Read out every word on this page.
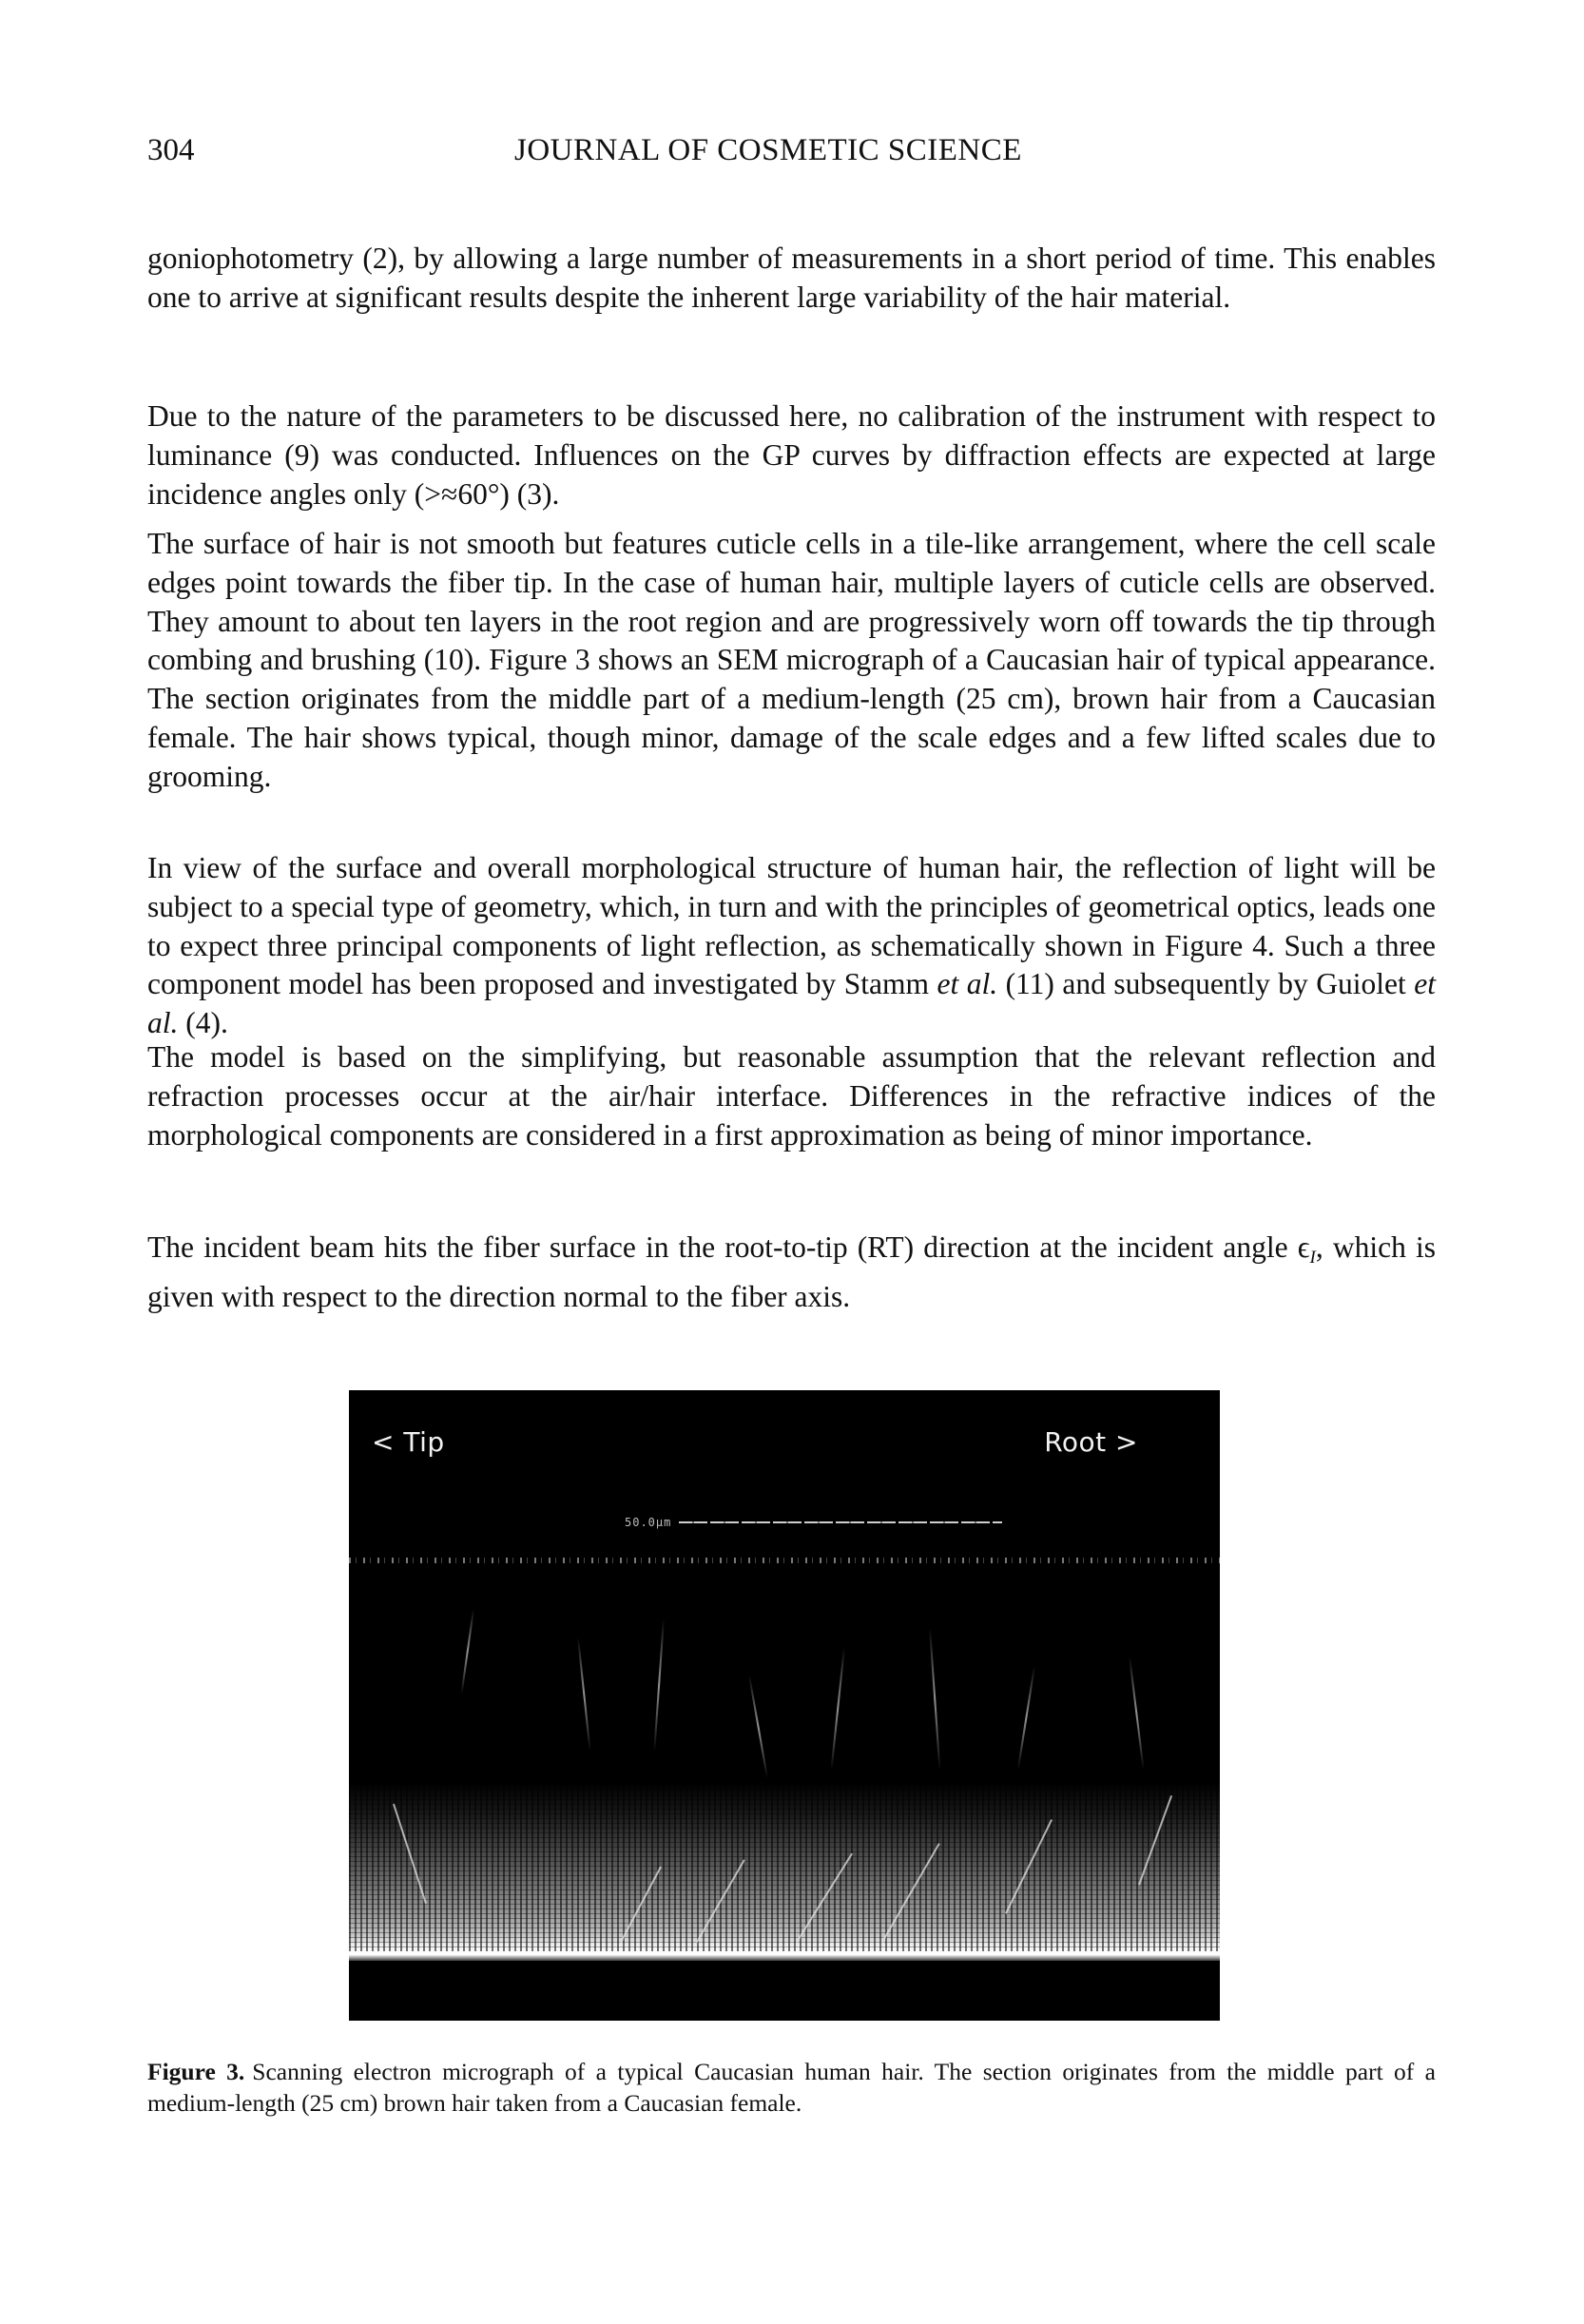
304	JOURNAL OF COSMETIC SCIENCE

goniophotometry (2), by allowing a large number of measurements in a short period of time. This enables one to arrive at significant results despite the inherent large variability of the hair material.

Due to the nature of the parameters to be discussed here, no calibration of the instrument with respect to luminance (9) was conducted. Influences on the GP curves by diffraction effects are expected at large incidence angles only (>≈60°) (3).

The surface of hair is not smooth but features cuticle cells in a tile-like arrangement, where the cell scale edges point towards the fiber tip. In the case of human hair, multiple layers of cuticle cells are observed. They amount to about ten layers in the root region and are progressively worn off towards the tip through combing and brushing (10). Figure 3 shows an SEM micrograph of a Caucasian hair of typical appearance. The section originates from the middle part of a medium-length (25 cm), brown hair from a Caucasian female. The hair shows typical, though minor, damage of the scale edges and a few lifted scales due to grooming.

In view of the surface and overall morphological structure of human hair, the reflection of light will be subject to a special type of geometry, which, in turn and with the principles of geometrical optics, leads one to expect three principal components of light reflection, as schematically shown in Figure 4. Such a three component model has been proposed and investigated by Stamm et al. (11) and subsequently by Guiolet et al. (4).

The model is based on the simplifying, but reasonable assumption that the relevant reflection and refraction processes occur at the air/hair interface. Differences in the refractive indices of the morphological components are considered in a first approximation as being of minor importance.

The incident beam hits the fiber surface in the root-to-tip (RT) direction at the incident angle $\epsilon_I$, which is given with respect to the direction normal to the fiber axis.

< Tip	Root >
50.0µm

Figure 3. Scanning electron micrograph of a typical Caucasian human hair. The section originates from the middle part of a medium-length (25 cm) brown hair taken from a Caucasian female.
